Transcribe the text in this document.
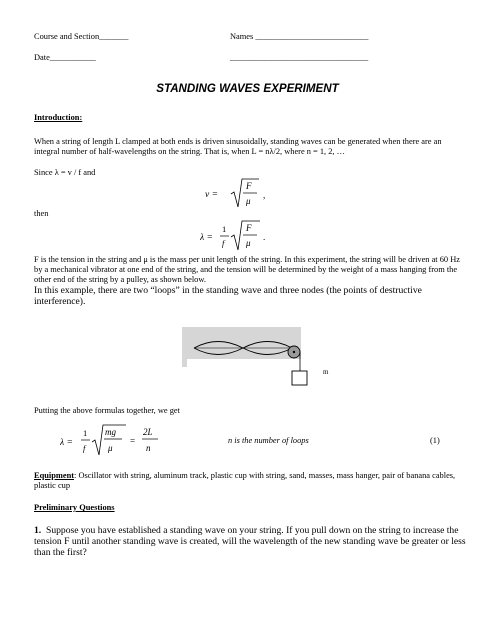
Course and Section_______	Names ___________________________
Date___________	_________________________________
STANDING WAVES EXPERIMENT
Introduction:
When a string of length L clamped at both ends is driven sinusoidally, standing waves can be generated when there are an integral number of half-wavelengths on the string. That is, when L = nλ/2, where n = 1, 2, …
Since λ = v / f and
v =
F
μ
,
then
λ =
1
f
F
μ
.
F is the tension in the string and μ is the mass per unit length of the string. In this experiment, the string will be driven at 60 Hz by a mechanical vibrator at one end of the string, and the tension will be determined by the weight of a mass hanging from the other end of the string by a pulley, as shown below.
In this example, there are two “loops” in the standing wave and three nodes (the points of destructive interference).
m
Putting the above formulas together, we get
λ =
1
f
mg
μ
=
2L
n
n is the number of loops	(1)
Equipment: Oscillator with string, aluminum track, plastic cup with string, sand, masses, mass hanger, pair of banana cables, plastic cup
Preliminary Questions
1. Suppose you have established a standing wave on your string. If you pull down on the string to increase the tension F until another standing wave is created, will the wavelength of the new standing wave be greater or less than the first?
